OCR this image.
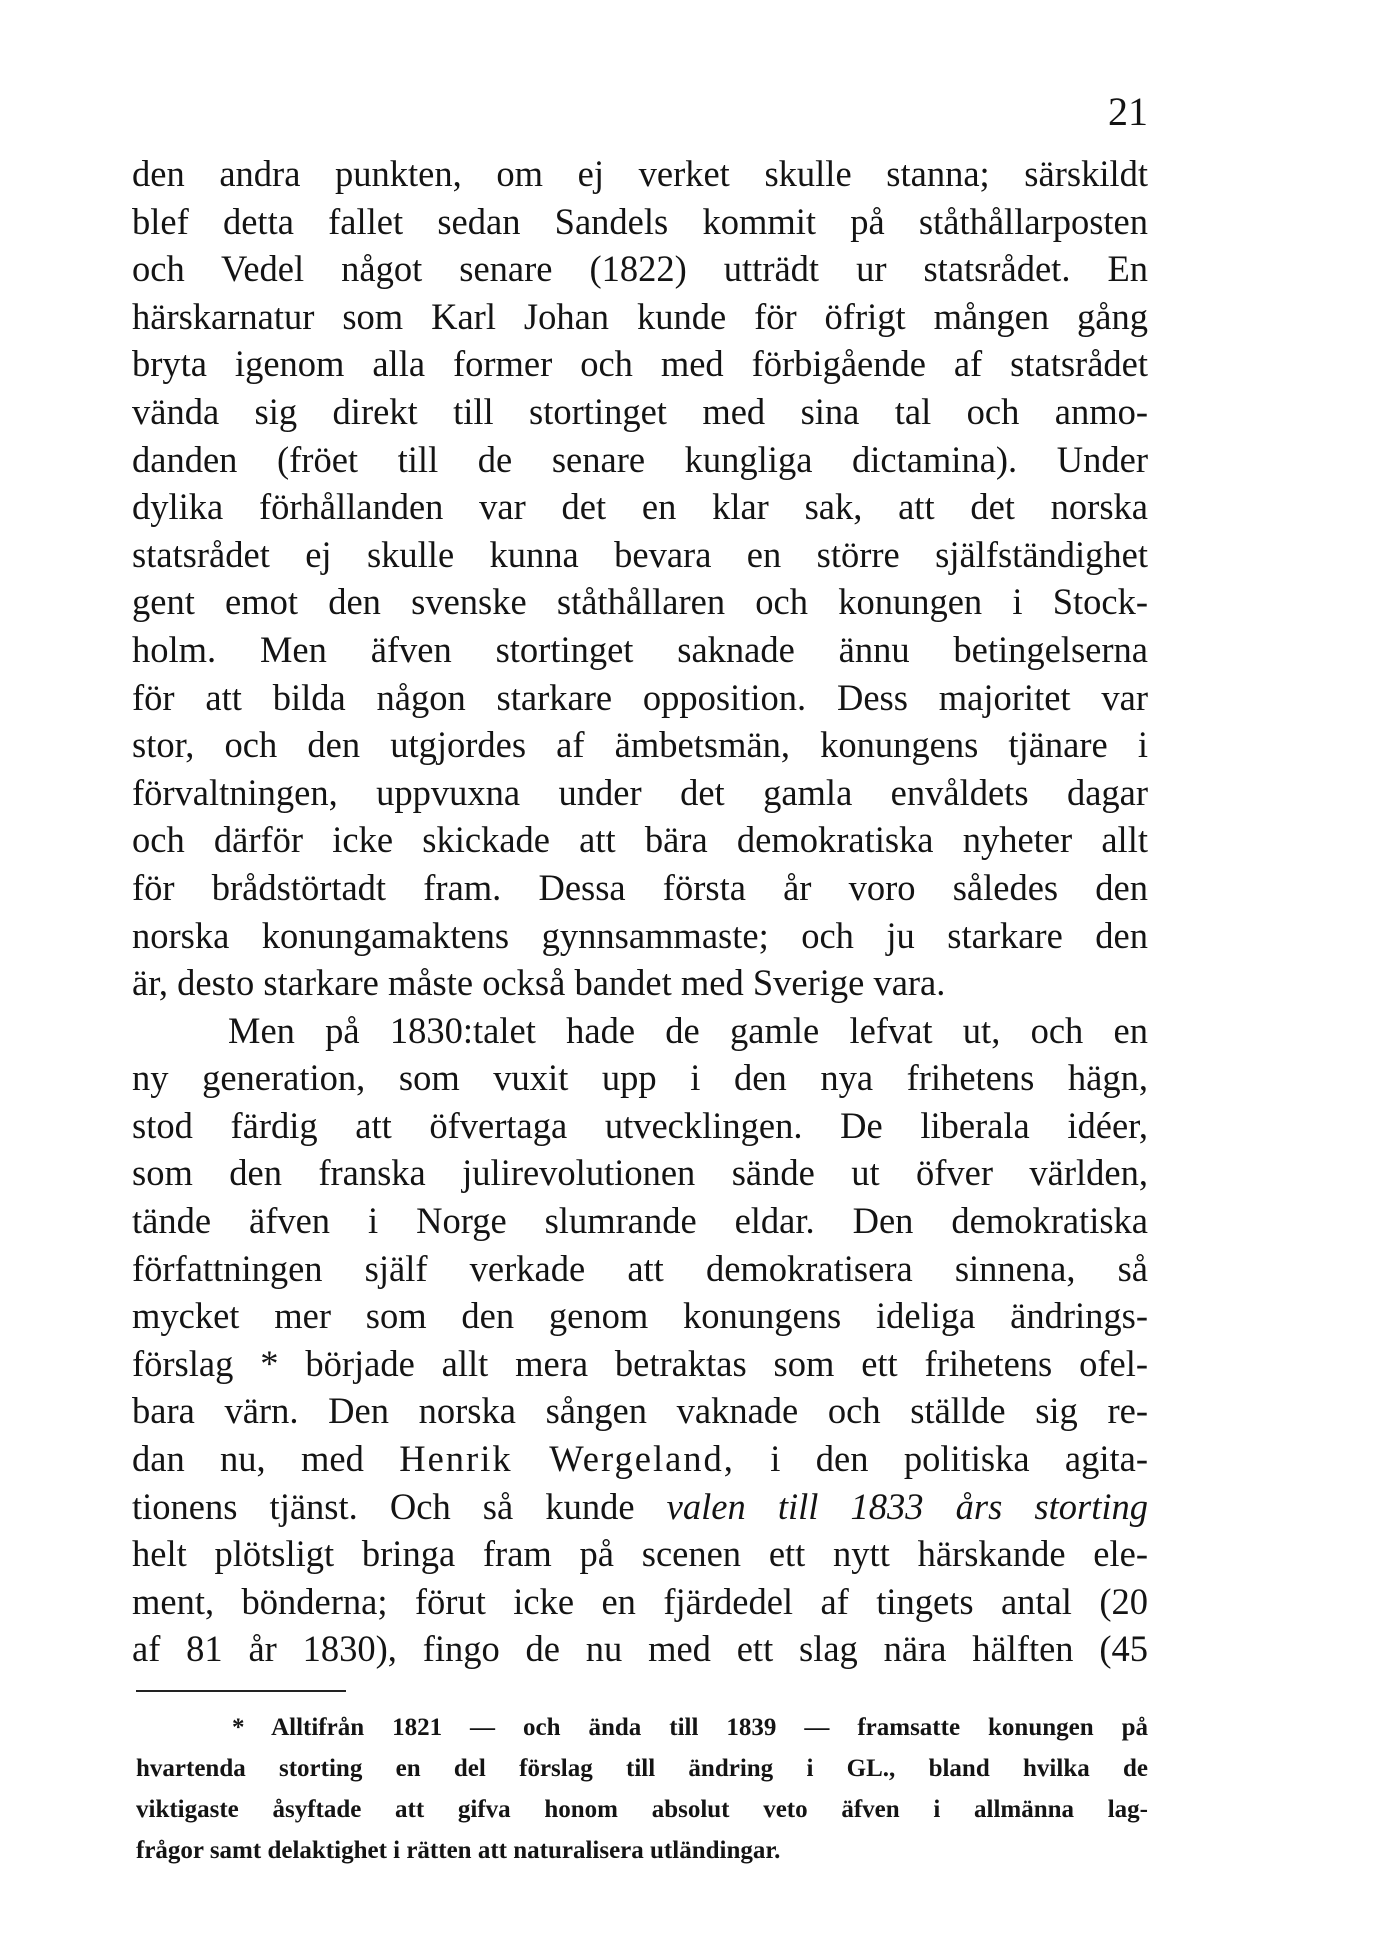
21
den andra punkten, om ej verket skulle stanna; särskildt
blef detta fallet sedan Sandels kommit på ståthållarposten
och Vedel något senare (1822) utträdt ur statsrådet. En
härskarnatur som Karl Johan kunde för öfrigt mången gång
bryta igenom alla former och med förbigående af statsrådet
vända sig direkt till stortinget med sina tal och anmo-
danden (fröet till de senare kungliga dictamina). Under
dylika förhållanden var det en klar sak, att det norska
statsrådet ej skulle kunna bevara en större själfständighet
gent emot den svenske ståthållaren och konungen i Stock-
holm. Men äfven stortinget saknade ännu betingelserna
för att bilda någon starkare opposition. Dess majoritet var
stor, och den utgjordes af ämbetsmän, konungens tjänare i
förvaltningen, uppvuxna under det gamla envåldets dagar
och därför icke skickade att bära demokratiska nyheter allt
för brådstörtadt fram. Dessa första år voro således den
norska konungamaktens gynnsammaste; och ju starkare den
är, desto starkare måste också bandet med Sverige vara.
Men på 1830:talet hade de gamle lefvat ut, och en
ny generation, som vuxit upp i den nya frihetens hägn,
stod färdig att öfvertaga utvecklingen. De liberala idéer,
som den franska julirevolutionen sände ut öfver världen,
tände äfven i Norge slumrande eldar. Den demokratiska
författningen själf verkade att demokratisera sinnena, så
mycket mer som den genom konungens ideliga ändrings-
förslag * började allt mera betraktas som ett frihetens ofel-
bara värn. Den norska sången vaknade och ställde sig re-
dan nu, med Henrik Wergeland, i den politiska agita-
tionens tjänst. Och så kunde valen till 1833 års storting
helt plötsligt bringa fram på scenen ett nytt härskande ele-
ment, bönderna; förut icke en fjärdedel af tingets antal (20
af 81 år 1830), fingo de nu med ett slag nära hälften (45
* Alltifrån 1821 — och ända till 1839 — framsatte konungen på
hvartenda storting en del förslag till ändring i GL., bland hvilka de
viktigaste åsyftade att gifva honom absolut veto äfven i allmänna lag-
frågor samt delaktighet i rätten att naturalisera utländingar.
